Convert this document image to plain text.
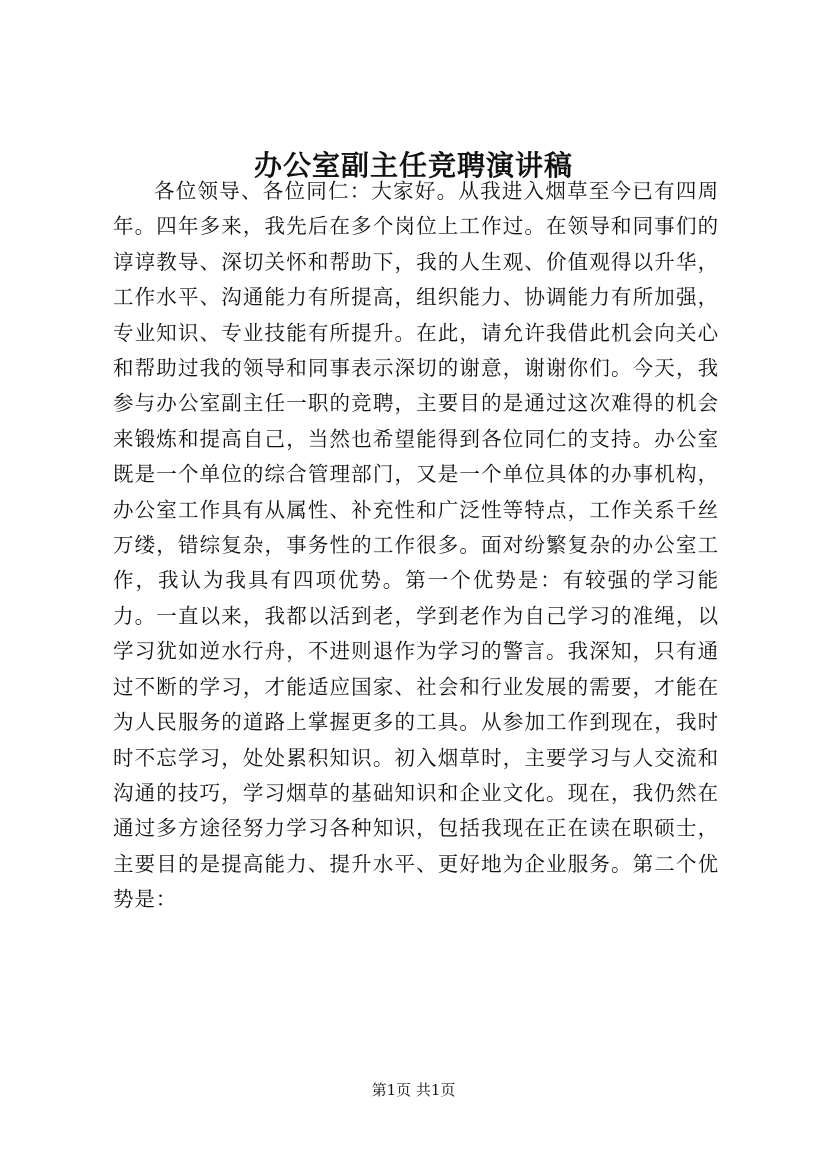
办公室副主任竞聘演讲稿

各位领导、各位同仁：大家好。从我进入烟草至今已有四周年。四年多来，我先后在多个岗位上工作过。在领导和同事们的谆谆教导、深切关怀和帮助下，我的人生观、价值观得以升华，工作水平、沟通能力有所提高，组织能力、协调能力有所加强，专业知识、专业技能有所提升。在此，请允许我借此机会向关心和帮助过我的领导和同事表示深切的谢意，谢谢你们。今天，我参与办公室副主任一职的竞聘，主要目的是通过这次难得的机会来锻炼和提高自己，当然也希望能得到各位同仁的支持。办公室既是一个单位的综合管理部门，又是一个单位具体的办事机构，办公室工作具有从属性、补充性和广泛性等特点，工作关系千丝万缕，错综复杂，事务性的工作很多。面对纷繁复杂的办公室工作，我认为我具有四项优势。第一个优势是：有较强的学习能力。一直以来，我都以活到老，学到老作为自己学习的准绳，以学习犹如逆水行舟，不进则退作为学习的警言。我深知，只有通过不断的学习，才能适应国家、社会和行业发展的需要，才能在为人民服务的道路上掌握更多的工具。从参加工作到现在，我时时不忘学习，处处累积知识。初入烟草时，主要学习与人交流和沟通的技巧，学习烟草的基础知识和企业文化。现在，我仍然在通过多方途径努力学习各种知识，包括我现在正在读在职硕士，主要目的是提高能力、提升水平、更好地为企业服务。第二个优势是：

第1页 共1页
